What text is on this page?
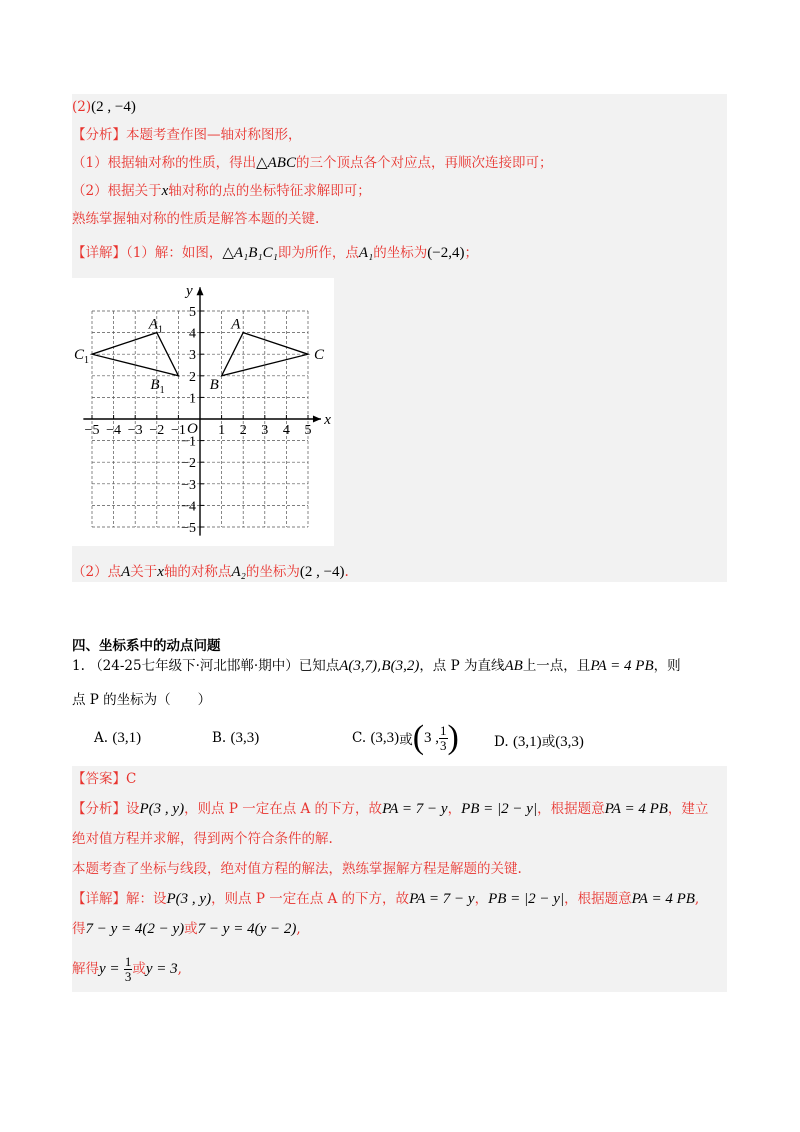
(2)(2 , −4)
【分析】本题考查作图—轴对称图形，
（1）根据轴对称的性质，得出△ABC的三个顶点各个对应点，再顺次连接即可；
（2）根据关于x轴对称的点的坐标特征求解即可；
熟练掌握轴对称的性质是解答本题的关键.
【详解】（1）解：如图，△A₁B₁C₁即为所作，点A₁的坐标为(−2,4)；
（2）点A关于x轴的对称点A₂的坐标为(2 , −4).
x
y
O
−5 −4 −3 −2 −1 1 2 3 4 5
5
4
3
2
1
−1
−2
−3
−4
−5
A
B
C
$A_1$
$B_1$
$C_1$
四、坐标系中的动点问题
1. （24-25七年级下·河北邯郸·期中）已知点A(3,7),B(3,2)，点 P 为直线AB上一点，且PA = 4 PB，则
点 P 的坐标为（　　）
A. (3,1)	B. (3,3)	C.
(3,3) 或 ( 3 , $\frac{1}{3}$ )	D. (3,1)或(3,3)
【答案】C
【分析】设P(3 , y)，则点 P 一定在点 A 的下方，故PA = 7 − y，PB = |2 − y|，根据题意PA = 4 PB，建立
绝对值方程并求解，得到两个符合条件的解.
本题考查了坐标与线段，绝对值方程的解法，熟练掌握解方程是解题的关键.
【详解】解：设P(3 , y)，则点 P 一定在点 A 的下方，故PA = 7 − y，PB = |2 − y|，根据题意PA = 4 PB,
得7 − y = 4(2 − y)或7 − y = 4(y − 2),
解得 y =
$\frac{1}{3}$ 或 y = 3 ,
